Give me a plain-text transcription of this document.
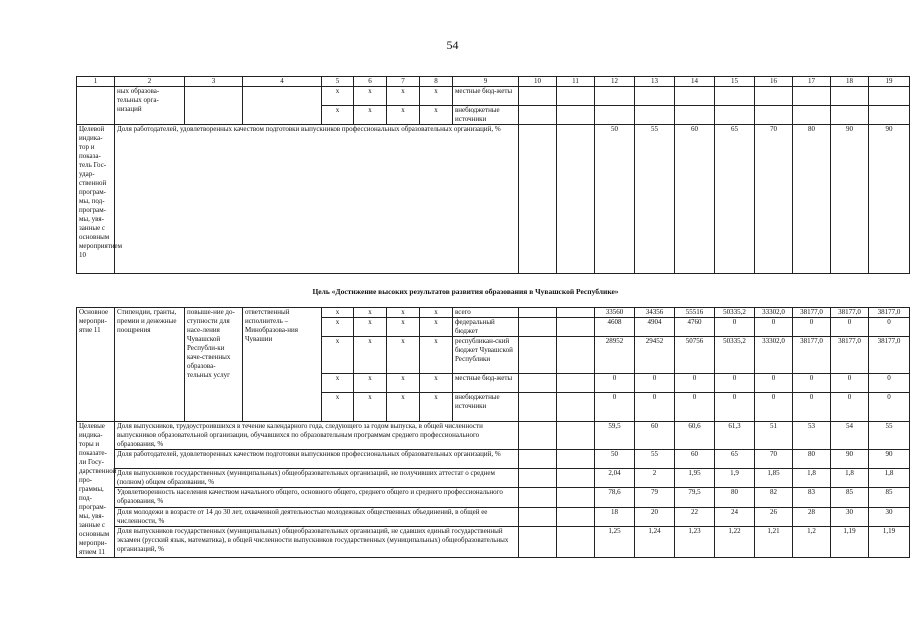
54
1	2	3	4	5	6	7	8	9	10	11	12	13	14	15	16	17	18	19
	ных образова-тельных орга-низаций			x	x	x	x	местные бюд-жеты										
				x	x	x	x	внебюджетные источники										
Целевой индика-тор и показа-тель Гос-удар-ственной програм-мы, под-програм-мы, увя-занные с основным мероприятием 10	Доля работодателей, удовлетворенных качеством подготовки выпускников профессиональных образовательных организаций, %										50	55	60	65	70	80	90	90
Цель «Достижение высоких результатов развития образования в Чувашской Республике»
Основное меропри-ятие 11	Стипендии, гранты, премии и денежные поощрения	повыше-ние до-ступности для насе-ления Чувашской Республи-ки каче-ственных образова-тельных услуг	ответственный исполнитель – Минобразова-ния Чувашии	x	x	x	x	всего			33560	34356	55516	50335,2	33302,0	38177,0	38177,0	38177,0
				x	x	x	x	федеральный бюджет			4608	4904	4760	0	0	0	0	0
				x	x	x	x	республикан-ский бюджет Чувашской Республики			28952	29452	50756	50335,2	33302,0	38177,0	38177,0	38177,0
				x	x	x	x	местные бюд-жеты			0	0	0	0	0	0	0	0
				x	x	x	x	внебюджетные источники			0	0	0	0	0	0	0	0
Целевые индика-торы и показате-ли Госу-дарственной про-граммы, под-програм-мы, увя-занные с основным меропри-ятием 11	Доля выпускников, трудоустроившихся в течение календарного года, следующего за годом выпуска, в общей численности выпускников образовательной организации, обучавшихся по образовательным программам среднего профессионального образования, %										59,5	60	60,6	61,3	51	53	54	55
	Доля работодателей, удовлетворенных качеством подготовки выпускников профессиональных образовательных организаций, %										50	55	60	65	70	80	90	90
	Доля выпускников государственных (муниципальных) общеобразовательных организаций, не получивших аттестат о среднем (полном) общем образовании, %										2,04	2	1,95	1,9	1,85	1,8	1,8	1,8
	Удовлетворенность населения качеством начального общего, основного общего, среднего общего и среднего профессионального образования, %										78,6	79	79,5	80	82	83	85	85
	Доля молодежи в возрасте от 14 до 30 лет, охваченной деятельностью молодежных общественных объединений, в общей ее численности, %										18	20	22	24	26	28	30	30
	Доля выпускников государственных (муниципальных) общеобразовательных организаций, не сдавших единый государственный экзамен (русский язык, математика), в общей численности выпускников государственных (муниципальных) общеобразовательных организаций, %										1,25	1,24	1,23	1,22	1,21	1,2	1,19	1,19
